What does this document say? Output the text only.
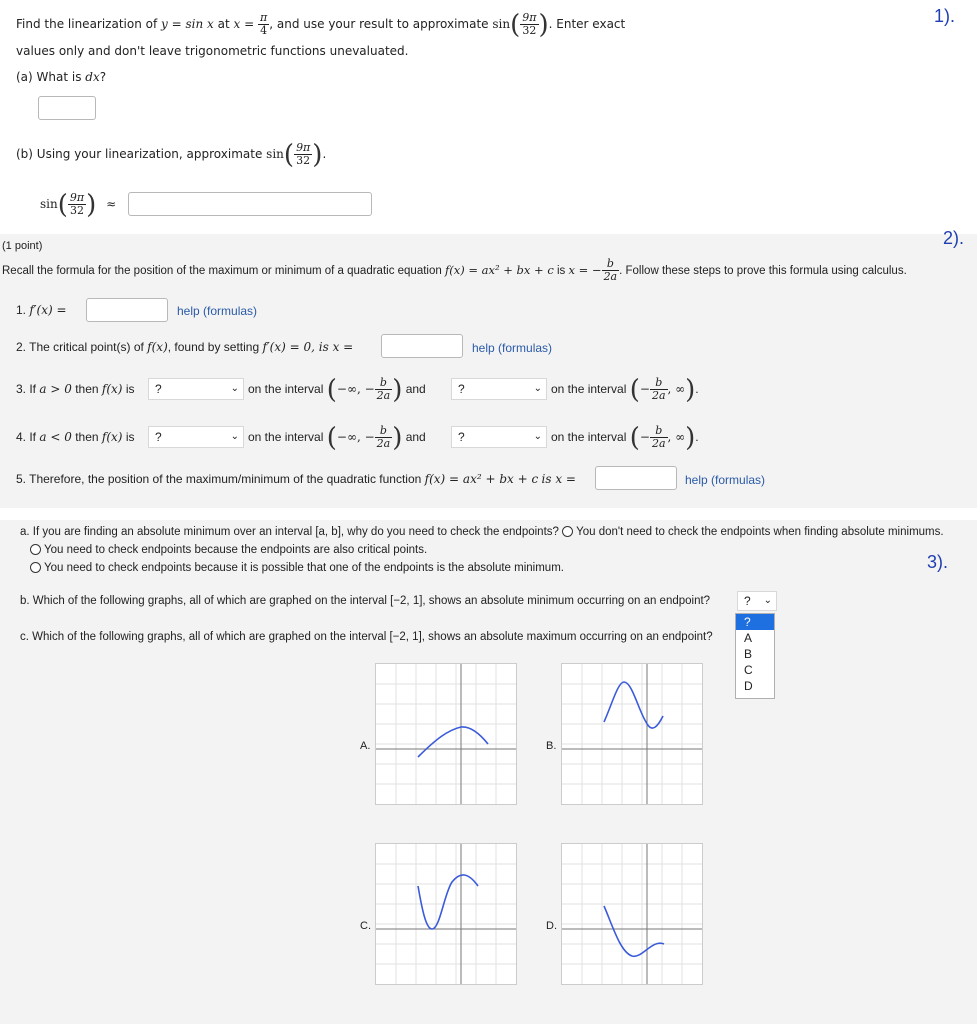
1).
Find the linearization of y = sin x at $x = \frac{\pi}{4}$ , and use your result to approximate $\sin( \frac{9\pi}{32}$ ). Enter exact
values only and don't leave trigonometric functions unevaluated.
(a) What is dx?
(b) Using your linearization, approximate $\sin( \frac{9\pi}{32}$ ).
$\sin( \frac{9\pi}{32}$ ) ≈
2).
(1 point)
Recall the formula for the position of the maximum or minimum of a quadratic equation f(x) = ax² + bx + c is x = − $\frac{b}{2a}$ . Follow these steps to prove this formula using calculus.
1. f′(x) =	help (formulas)
2. The critical point(s) of f(x), found by setting f′(x) = 0, is x =	help (formulas)
3. If a > 0 then f(x) is	?	⌄ on the interval (−∞, − $\frac{b}{2a}$ ) and	?	⌄ on the interval (− $\frac{b}{2a}$ , ∞).
4. If a < 0 then f(x) is	?	⌄ on the interval (−∞, − $\frac{b}{2a}$ ) and	?	⌄ on the interval (− $\frac{b}{2a}$ , ∞).
5. Therefore, the position of the maximum/minimum of the quadratic function f(x) = ax² + bx + c is x =	help (formulas)
3).
a. If you are finding an absolute minimum over an interval [a, b], why do you need to check the endpoints? You don't need to check the endpoints when finding absolute minimums.
You need to check endpoints because the endpoints are also critical points.
You need to check endpoints because it is possible that one of the endpoints is the absolute minimum.
b. Which of the following graphs, all of which are graphed on the interval [−2, 1], shows an absolute minimum occurring on an endpoint?	? ⌄
c. Which of the following graphs, all of which are graphed on the interval [−2, 1], shows an absolute maximum occurring on an endpoint?
?
A
B
C
D
A.	B.
C.	D.
